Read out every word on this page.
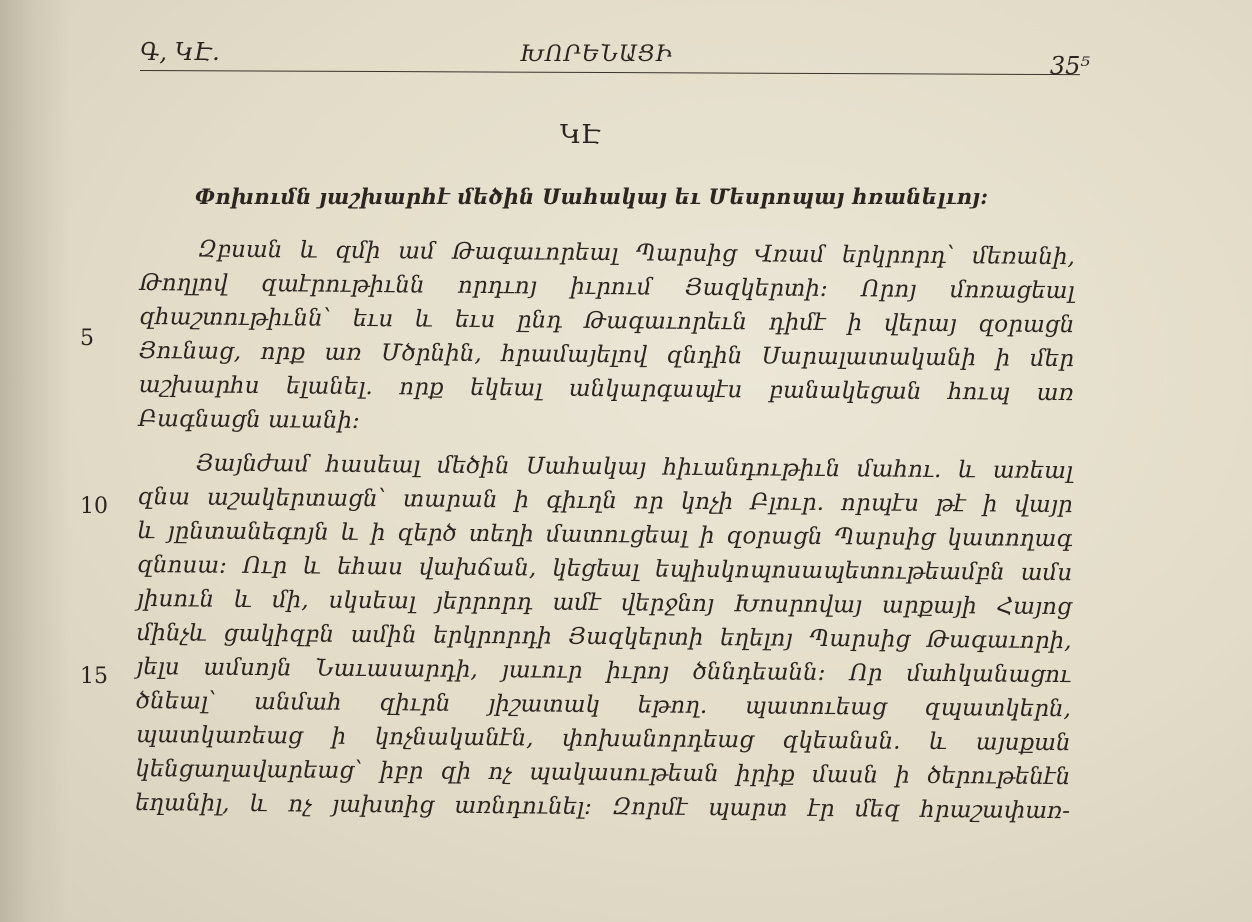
Գ, ԿԷ.	ԽՈՐԵՆԱՑԻ	35⁵
ԿԷ
Փոխումն յաշխարհէ մեծին Սահակայ եւ Մեսրոպայ հռանելւոյ:
5
10
15
Զբսան և զմի ամ Թագաւորեալ Պարսից Վռամ երկրորդ՝ մեռանի,
Թողլով զաէրութիւնն որդւոյ իւրում Յազկերտի։ Որոյ մոռացեալ
զհաշտութիւնն՝ եւս և եւս ընդ Թագաւորեւն դիմէ ի վերայ զօրացն
Յունաց, որք առ Մծրնին, հրամայելով զնդին Սարալատականի ի մեր
աշխարհս ելանել. որք եկեալ անկարգապէս բանակեցան հուպ առ
Բագնացն աւանի։
Յայնժամ հասեալ մեծին Սահակայ հիւանդութիւն մահու. և առեալ
զնա աշակերտացն՝ տարան ի գիւղն որ կոչի Բլուր. որպէս թէ ի վայր
և յընտանեգոյն և ի զերծ տեղի մատուցեալ ի զօրացն Պարսից կատողագ
զնոսա։ Ուր և եհաս վախճան, կեցեալ եպիսկոպոսապետութեամբն ամս
յիսուն և մի, սկսեալ յերրորդ ամէ վերջնոյ Խոսրովայ արքայի Հայոց
մինչև ցակիզբն ամին երկրորդի Յազկերտի եղելոյ Պարսից Թագաւորի,
յելս ամսոյն Նաւասարդի, յաւուր իւրոյ ծննդեանն։ Որ մահկանացու
ծնեալ՝ անմահ զիւրն յիշատակ եթող. պատուեաց զպատկերն,
պատկառեաց ի կոչնականէն, փոխանորդեաց զկեանսն. և այսքան
կենցաղավարեաց՝ իբր զի ոչ պակասութեան իրիք մասն ի ծերութենէն
եղանիլ, և ոչ յախտից առնդունել։ Զորմէ պարտ էր մեզ հրաշափառ-
